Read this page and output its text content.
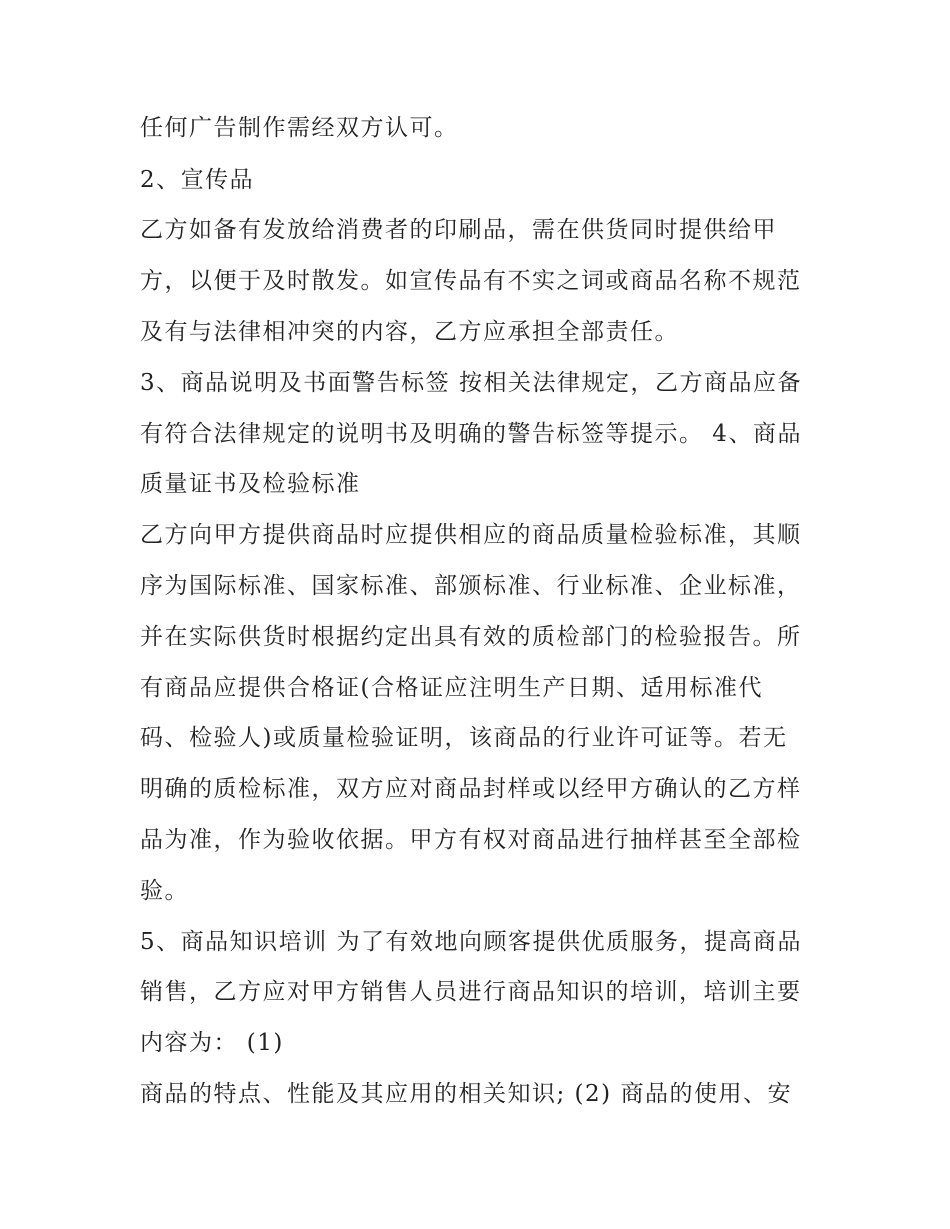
任何广告制作需经双方认可。
2、宣传品
乙方如备有发放给消费者的印刷品，需在供货同时提供给甲
方，以便于及时散发。如宣传品有不实之词或商品名称不规范
及有与法律相冲突的内容，乙方应承担全部责任。
3、商品说明及书面警告标签 按相关法律规定，乙方商品应备
有符合法律规定的说明书及明确的警告标签等提示。 4、商品
质量证书及检验标准
乙方向甲方提供商品时应提供相应的商品质量检验标准，其顺
序为国际标准、国家标准、部颁标准、行业标准、企业标准，
并在实际供货时根据约定出具有效的质检部门的检验报告。所
有商品应提供合格证(合格证应注明生产日期、适用标准代
码、检验人)或质量检验证明，该商品的行业许可证等。若无
明确的质检标准，双方应对商品封样或以经甲方确认的乙方样
品为准，作为验收依据。甲方有权对商品进行抽样甚至全部检
验。
5、商品知识培训 为了有效地向顾客提供优质服务，提高商品
销售，乙方应对甲方销售人员进行商品知识的培训，培训主要
内容为： (1)
商品的特点、性能及其应用的相关知识; (2) 商品的使用、安
